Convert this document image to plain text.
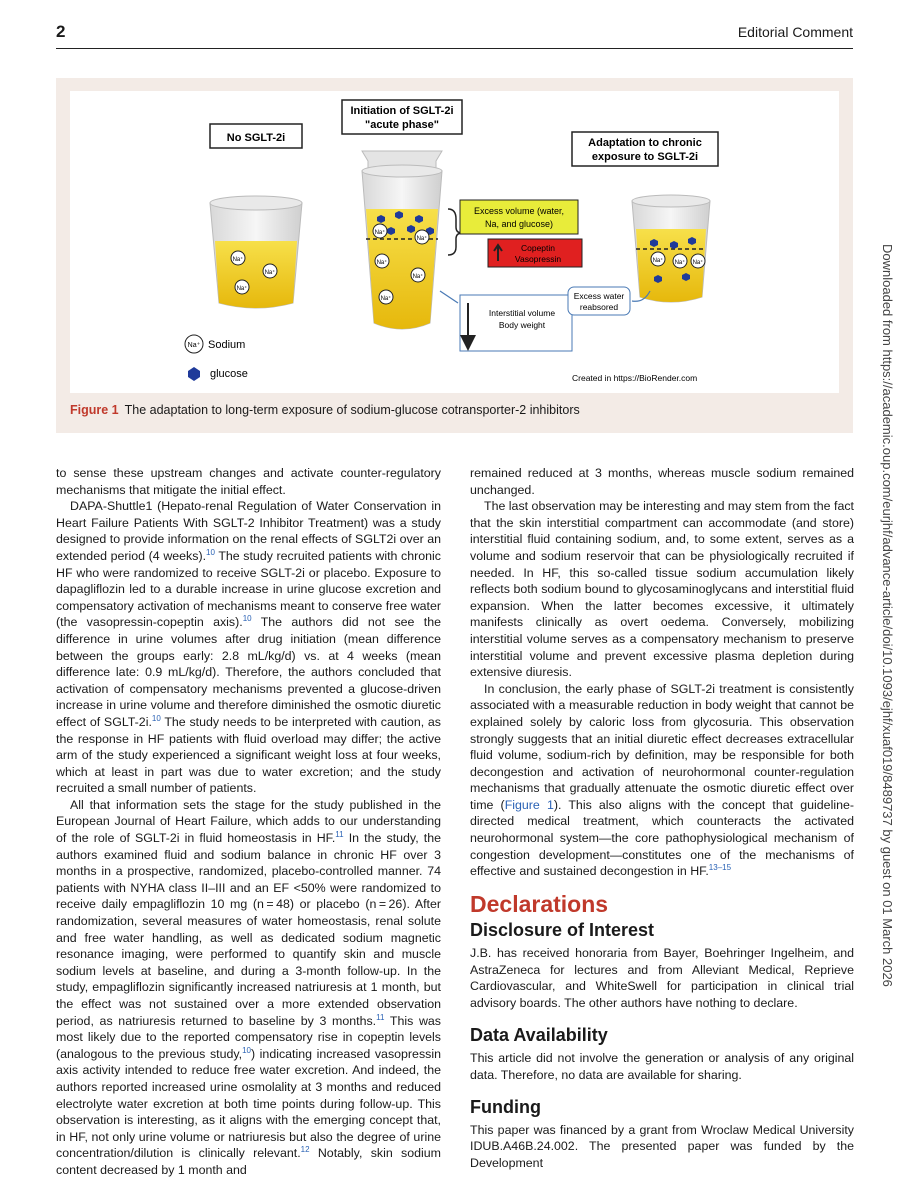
2	Editorial Comment
No SGLT-2i
Initiation of SGLT-2i
"acute phase"
Adaptation to chronic
exposure to SGLT-2i
Na⁺
Na⁺
Na⁺
Na⁺
Na⁺
Na⁺
Na⁺
Na⁺
Excess volume (water,
Na, and glucose)
Copeptin
Vasopressin
Interstitial volume
Body weight
Na⁺ Na⁺ Na⁺
Excess water
reabsored
Na⁺ Sodium
glucose	Created in https://BioRender.com
Figure 1 The adaptation to long-term exposure of sodium-glucose cotransporter-2 inhibitors

to sense these upstream changes and activate counter-regulatory mechanisms that mitigate the initial effect.

DAPA-Shuttle1 (Hepato-renal Regulation of Water Conservation in Heart Failure Patients With SGLT-2 Inhibitor Treatment) was a study designed to provide information on the renal effects of SGLT2i over an extended period (4 weeks).$^{10}$ The study recruited patients with chronic HF who were randomized to receive SGLT-2i or placebo. Exposure to dapagliflozin led to a durable increase in urine glucose excretion and compensatory activation of mechanisms meant to conserve free water (the vasopressin-copeptin axis).$^{10}$ The authors did not see the difference in urine volumes after drug initiation (mean difference between the groups early: 2.8 mL/kg/d) vs. at 4 weeks (mean difference late: 0.9 mL/kg/d). Therefore, the authors concluded that activation of compensatory mechanisms prevented a glucose-driven increase in urine volume and therefore diminished the osmotic diuretic effect of SGLT-2i.$^{10}$ The study needs to be interpreted with caution, as the response in HF patients with fluid overload may differ; the active arm of the study experienced a significant weight loss at four weeks, which at least in part was due to water excretion; and the study recruited a small number of patients.

All that information sets the stage for the study published in the European Journal of Heart Failure, which adds to our understanding of the role of SGLT-2i in fluid homeostasis in HF.$^{11}$ In the study, the authors examined fluid and sodium balance in chronic HF over 3 months in a prospective, randomized, placebo-controlled manner. 74 patients with NYHA class II–III and an EF <50% were randomized to receive daily empagliflozin 10 mg (n = 48) or placebo (n = 26). After randomization, several measures of water homeostasis, renal solute and free water handling, as well as dedicated sodium magnetic resonance imaging, were performed to quantify skin and muscle sodium levels at baseline, and during a 3-month follow-up. In the study, empagliflozin significantly increased natriuresis at 1 month, but the effect was not sustained over a more extended observation period, as natriuresis returned to baseline by 3 months.$^{11}$ This was most likely due to the reported compensatory rise in copeptin levels (analogous to the previous study,$^{10}$) indicating increased vasopressin axis activity intended to reduce free water excretion. And indeed, the authors reported increased urine osmolality at 3 months and reduced electrolyte water excretion at both time points during follow-up. This observation is interesting, as it aligns with the emerging concept that, in HF, not only urine volume or natriuresis but also the degree of urine concentration/dilution is clinically relevant.$^{12}$ Notably, skin sodium content decreased by 1 month and

remained reduced at 3 months, whereas muscle sodium remained unchanged.

The last observation may be interesting and may stem from the fact that the skin interstitial compartment can accommodate (and store) interstitial fluid containing sodium, and, to some extent, serves as a volume and sodium reservoir that can be physiologically recruited if needed. In HF, this so-called tissue sodium accumulation likely reflects both sodium bound to glycosaminoglycans and interstitial fluid expansion. When the latter becomes excessive, it ultimately manifests clinically as overt oedema. Conversely, mobilizing interstitial volume serves as a compensatory mechanism to preserve interstitial volume and prevent excessive plasma depletion during extensive diuresis.

In conclusion, the early phase of SGLT-2i treatment is consistently associated with a measurable reduction in body weight that cannot be explained solely by caloric loss from glycosuria. This observation strongly suggests that an initial diuretic effect decreases extracellular fluid volume, sodium-rich by definition, may be responsible for both decongestion and activation of neurohormonal counter-regulation mechanisms that gradually attenuate the osmotic diuretic effect over time (Figure 1). This also aligns with the concept that guideline-directed medical treatment, which counteracts the activated neurohormonal system—the core pathophysiological mechanism of congestion development—constitutes one of the mechanisms of effective and sustained decongestion in HF.$^{13-15}$

Declarations
Disclosure of Interest

J.B. has received honoraria from Bayer, Boehringer Ingelheim, and AstraZeneca for lectures and from Alleviant Medical, Reprieve Cardiovascular, and WhiteSwell for participation in clinical trial advisory boards. The other authors have nothing to declare.

Data Availability

This article did not involve the generation or analysis of any original data. Therefore, no data are available for sharing.

Funding

This paper was financed by a grant from Wroclaw Medical University IDUB.A46B.24.002. The presented paper was funded by the Development

Downloaded from https://academic.oup.com/eurjhf/advance-article/doi/10.1093/ejhf/xuaf019/8489737 by guest on 01 March 2026
